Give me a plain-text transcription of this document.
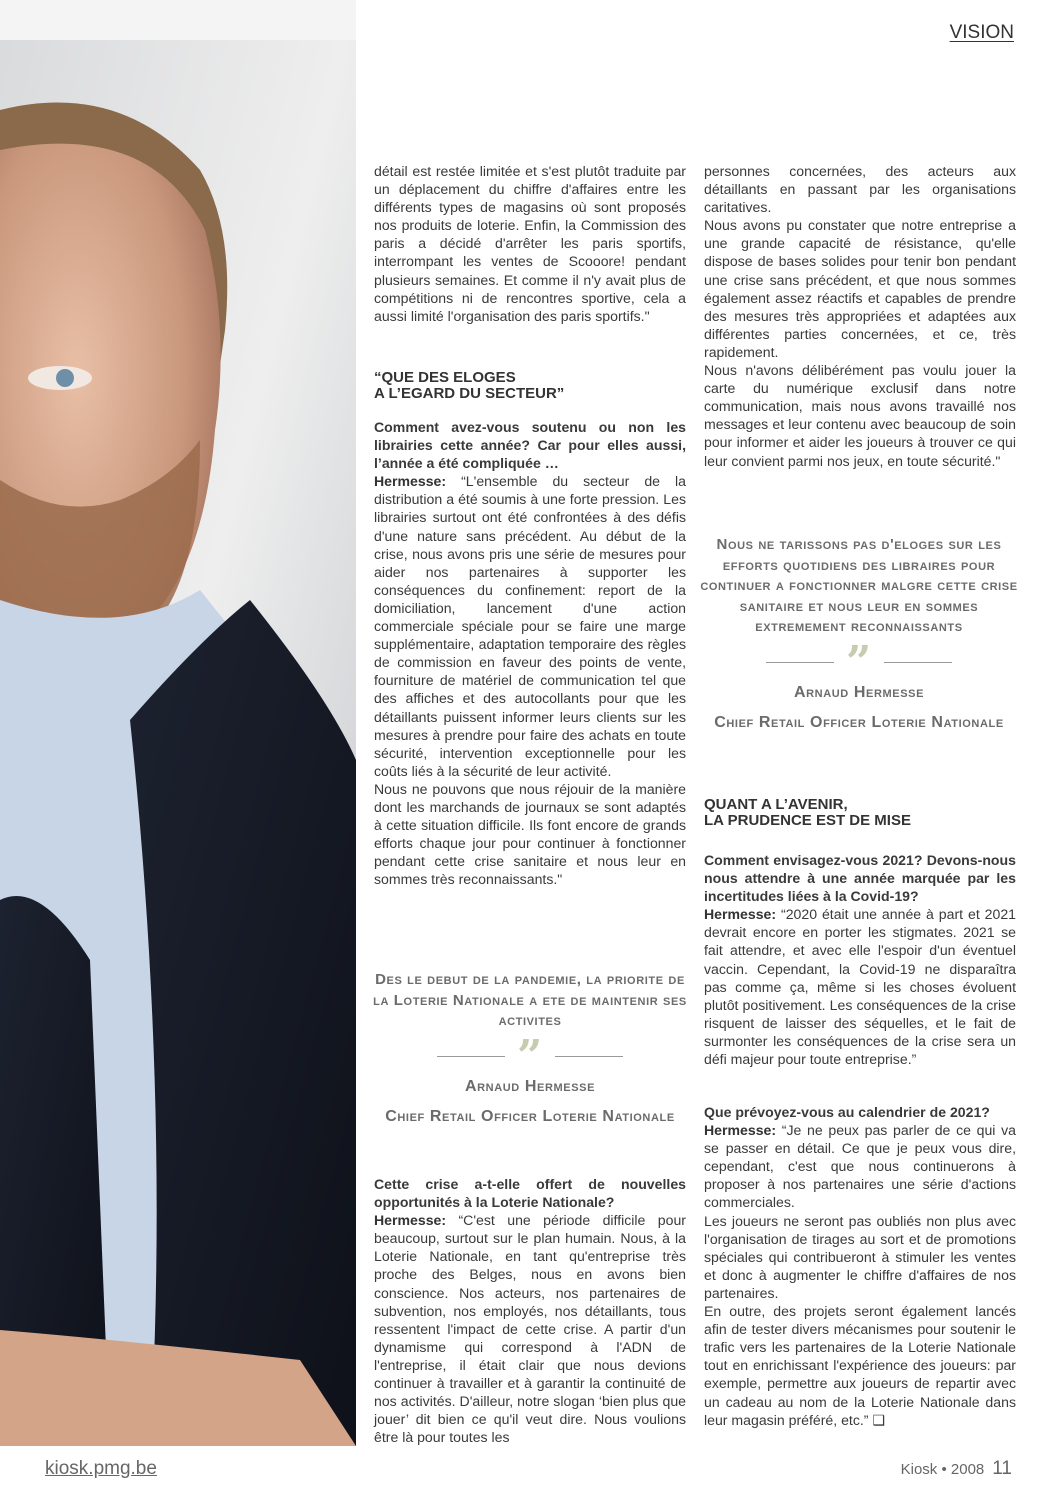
VISION

détail est restée limitée et s'est plutôt traduite par un déplacement du chiffre d'affaires entre les différents types de magasins où sont proposés nos produits de loterie. Enfin, la Commission des paris a décidé d'arrêter les paris sportifs, interrompant les ventes de Scooore! pendant plusieurs semaines. Et comme il n'y avait plus de compétitions ni de rencontres sportive, cela a aussi limité l'organisation des paris sportifs."

“QUE DES ELOGES
A L’EGARD DU SECTEUR”

Comment avez-vous soutenu ou non les librairies cette année? Car pour elles aussi, l’année a été compliquée …

Hermesse: “L'ensemble du secteur de la distribution a été soumis à une forte pression. Les librairies surtout ont été confrontées à des défis d'une nature sans précédent. Au début de la crise, nous avons pris une série de mesures pour aider nos partenaires à supporter les conséquences du confinement: report de la domiciliation, lancement d'une action commerciale spéciale pour se faire une marge supplémentaire, adaptation temporaire des règles de commission en faveur des points de vente, fourniture de matériel de communication tel que des affiches et des autocollants pour que les détaillants puissent informer leurs clients sur les mesures à prendre pour faire des achats en toute sécurité, intervention exceptionnelle pour les coûts liés à la sécurité de leur activité.

Nous ne pouvons que nous réjouir de la manière dont les marchands de journaux se sont adaptés à cette situation difficile. Ils font encore de grands efforts chaque jour pour continuer à fonctionner pendant cette crise sanitaire et nous leur en sommes très reconnaissants."

Des le debut de la pandemie, la priorite de la Loterie Nationale a ete de maintenir ses activites
”
Arnaud Hermesse
Chief Retail Officer Loterie Nationale

Cette crise a-t-elle offert de nouvelles opportunités à la Loterie Nationale?

Hermesse: “C'est une période difficile pour beaucoup, surtout sur le plan humain. Nous, à la Loterie Nationale, en tant qu'entreprise très proche des Belges, nous en avons bien conscience. Nos acteurs, nos partenaires de subvention, nos employés, nos détaillants, tous ressentent l'impact de cette crise. A partir d'un dynamisme qui correspond à l'ADN de l'entreprise, il était clair que nous devions continuer à travailler et à garantir la continuité de nos activités. D'ailleur, notre slogan ‘bien plus que jouer’ dit bien ce qu'il veut dire. Nous voulions être là pour toutes les

personnes concernées, des acteurs aux détaillants en passant par les organisations caritatives.

Nous avons pu constater que notre entreprise a une grande capacité de résistance, qu'elle dispose de bases solides pour tenir bon pendant une crise sans précédent, et que nous sommes également assez réactifs et capables de prendre des mesures très appropriées et adaptées aux différentes parties concernées, et ce, très rapidement.

Nous n'avons délibérément pas voulu jouer la carte du numérique exclusif dans notre communication, mais nous avons travaillé nos messages et leur contenu avec beaucoup de soin pour informer et aider les joueurs à trouver ce qui leur convient parmi nos jeux, en toute sécurité."

Nous ne tarissons pas d'eloges sur les efforts quotidiens des libraires pour continuer a fonctionner malgre cette crise sanitaire et nous leur en sommes extremement reconnaissants
”
Arnaud Hermesse
Chief Retail Officer Loterie Nationale
QUANT A L’AVENIR,
LA PRUDENCE EST DE MISE

Comment envisagez-vous 2021? Devons-nous nous attendre à une année marquée par les incertitudes liées à la Covid-19?

Hermesse: “2020 était une année à part et 2021 devrait encore en porter les stigmates. 2021 se fait attendre, et avec elle l'espoir d'un éventuel vaccin. Cependant, la Covid-19 ne disparaîtra pas comme ça, même si les choses évoluent plutôt positivement. Les conséquences de la crise risquent de laisser des séquelles, et le fait de surmonter les conséquences de la crise sera un défi majeur pour toute entreprise.”

Que prévoyez-vous au calendrier de 2021?

Hermesse: “Je ne peux pas parler de ce qui va se passer en détail. Ce que je peux vous dire, cependant, c'est que nous continuerons à proposer à nos partenaires une série d'actions commerciales.

Les joueurs ne seront pas oubliés non plus avec l'organisation de tirages au sort et de promotions spéciales qui contribueront à stimuler les ventes et donc à augmenter le chiffre d'affaires de nos partenaires.

En outre, des projets seront également lancés afin de tester divers mécanismes pour soutenir le trafic vers les partenaires de la Loterie Nationale tout en enrichissant l'expérience des joueurs: par exemple, permettre aux joueurs de repartir avec un cadeau au nom de la Loterie Nationale dans leur magasin préféré, etc.” ❑

kiosk.pmg.be	Kiosk • 2008 11
